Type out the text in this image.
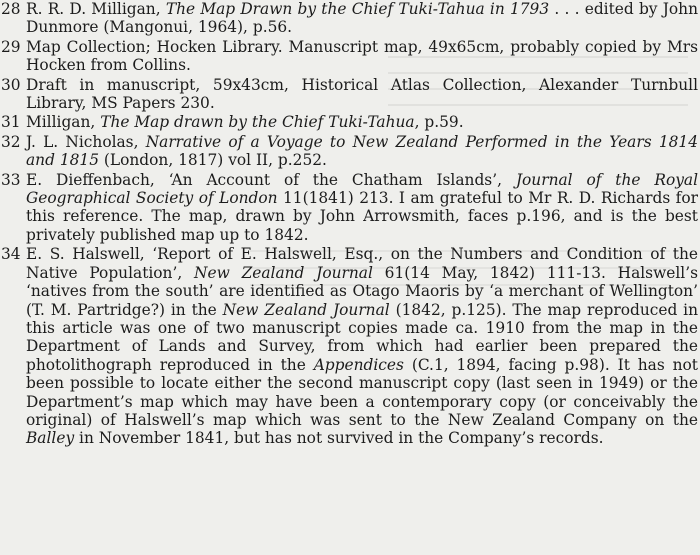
28 R. R. D. Milligan, The Map Drawn by the Chief Tuki-Tahua in 1793 . . . edited by John Dunmore (Mangonui, 1964), p.56.
29 Map Collection; Hocken Library. Manuscript map, 49x65cm, probably copied by Mrs Hocken from Collins.
30 Draft in manuscript, 59x43cm, Historical Atlas Collection, Alexander Turnbull Library, MS Papers 230.
31 Milligan, The Map drawn by the Chief Tuki-Tahua, p.59.
32 J. L. Nicholas, Narrative of a Voyage to New Zealand Performed in the Years 1814 and 1815 (London, 1817) vol II, p.252.
33 E. Dieffenbach, ‘An Account of the Chatham Islands’, Journal of the Royal Geographical Society of London 11(1841) 213. I am grateful to Mr R. D. Richards for this reference. The map, drawn by John Arrowsmith, faces p.196, and is the best privately published map up to 1842.
34 E. S. Halswell, ‘Report of E. Halswell, Esq., on the Numbers and Condition of the Native Population’, New Zealand Journal 61(14 May, 1842) 111-13. Halswell’s ‘natives from the south’ are identified as Otago Maoris by ‘a merchant of Wellington’ (T. M. Partridge?) in the New Zealand Journal (1842, p.125). The map reproduced in this article was one of two manuscript copies made ca. 1910 from the map in the Department of Lands and Survey, from which had earlier been prepared the photolithograph reproduced in the Appendices (C.1, 1894, facing p.98). It has not been possible to locate either the second manuscript copy (last seen in 1949) or the Department’s map which may have been a contemporary copy (or conceivably the original) of Halswell’s map which was sent to the New Zealand Company on the Balley in November 1841, but has not survived in the Company’s records.
